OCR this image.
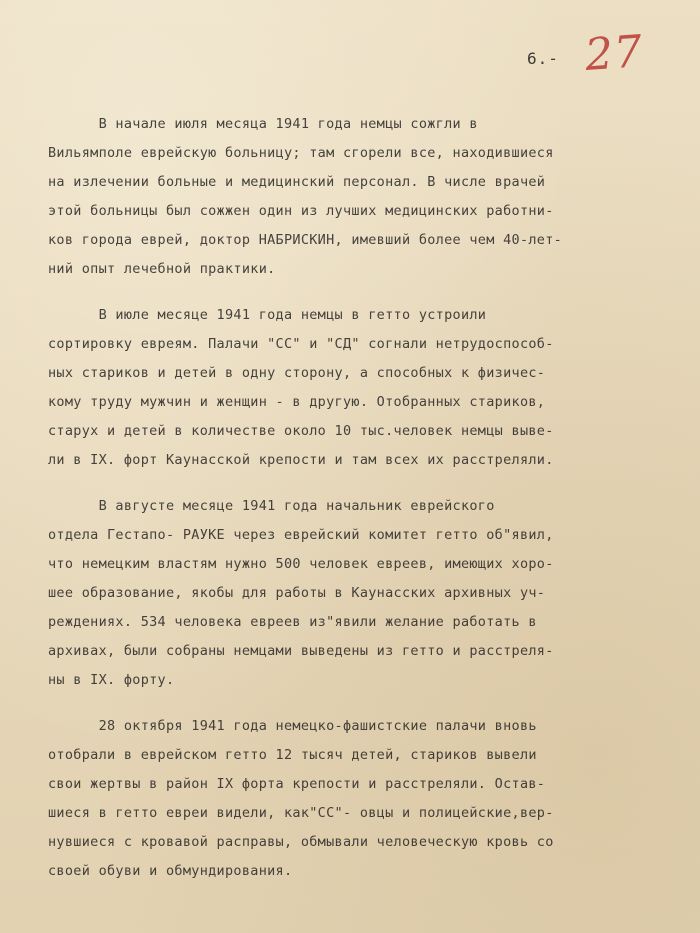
6.- 27
В начале июля месяца 1941 года немцы сожгли в
Вильямполе еврейскую больницу; там сгорели все, находившиеся
на излечении больные и медицинский персонал. В числе врачей
этой больницы был сожжен один из лучших медицинских работни-
ков города еврей, доктор НАБРИСКИН, имевший более чем 40-лет-
ний опыт лечебной практики.
В июле месяце 1941 года немцы в гетто устроили
сортировку евреям. Палачи "СС" и "СД" согнали нетрудоспособ-
ных стариков и детей в одну сторону, а способных к физичес-
кому труду мужчин и женщин - в другую. Отобранных стариков,
старух и детей в количестве около 10 тыс.человек немцы выве-
ли в IX. форт Каунасской крепости и там всех их расстреляли.
В августе месяце 1941 года начальник еврейского
отдела Гестапо- РАУКЕ через еврейский комитет гетто об"явил,
что немецким властям нужно 500 человек евреев, имеющих хоро-
шее образование, якобы для работы в Каунасских архивных уч-
реждениях. 534 человека евреев из"явили желание работать в
архивах, были собраны немцами выведены из гетто и расстреля-
ны в IX. форту.
28 октября 1941 года немецко-фашистские палачи вновь
отобрали в еврейском гетто 12 тысяч детей, стариков вывели
свои жертвы в район IX форта крепости и расстреляли. Остав-
шиеся в гетто евреи видели, как"СС"- овцы и полицейские,вер-
нувшиеся с кровавой расправы, обмывали человеческую кровь со
своей обуви и обмундирования.
